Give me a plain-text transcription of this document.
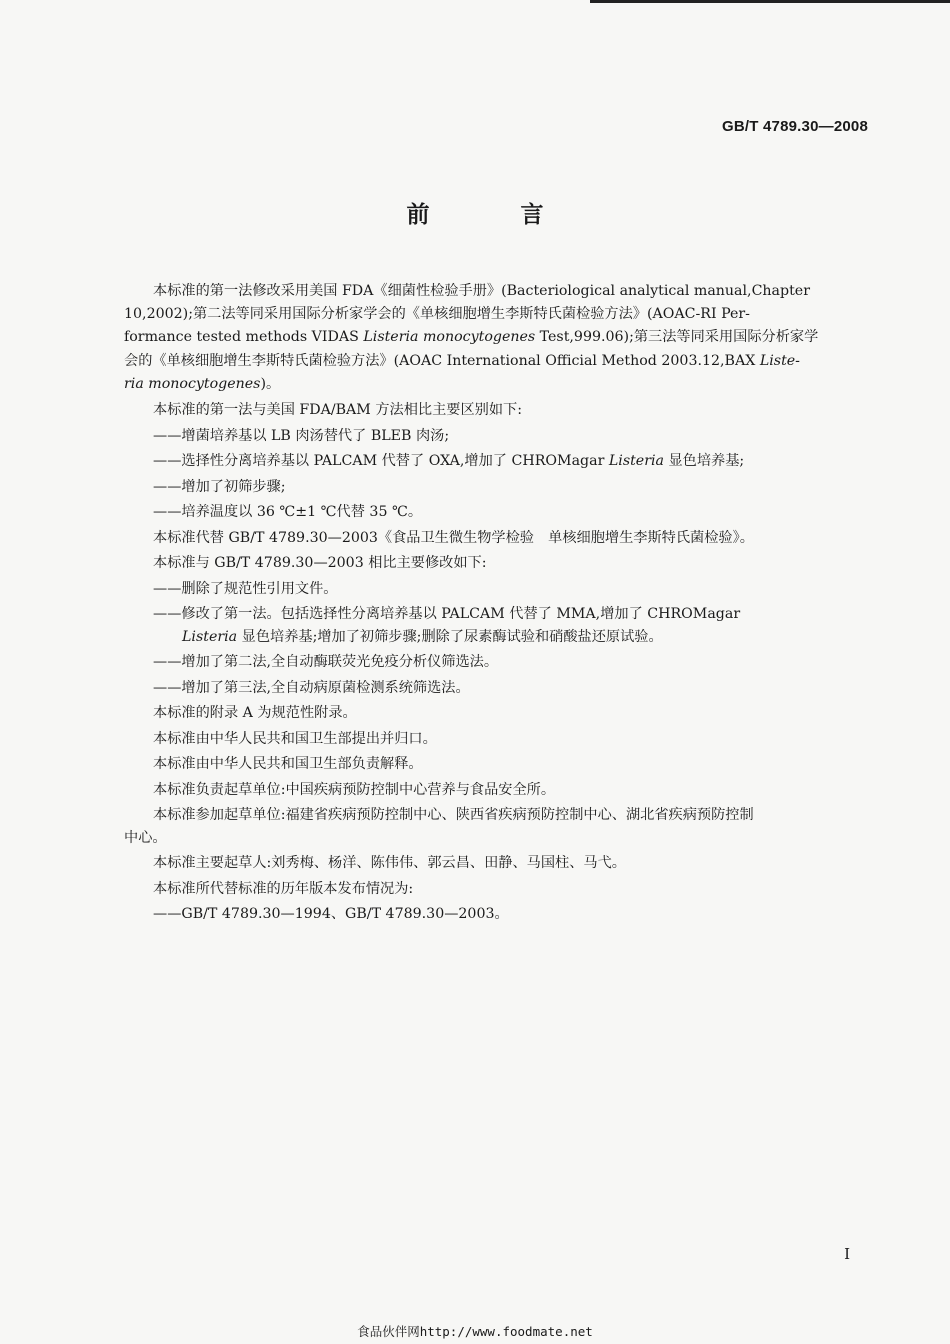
GB/T 4789.30—2008
前　言
本标准的第一法修改采用美国 FDA《细菌性检验手册》(Bacteriological analytical manual,Chapter
10,2002);第二法等同采用国际分析家学会的《单核细胞增生李斯特氏菌检验方法》(AOAC-RI Per-
formance tested methods VIDAS Listeria monocytogenes Test,999.06);第三法等同采用国际分析家学
会的《单核细胞增生李斯特氏菌检验方法》(AOAC International Official Method 2003.12,BAX Liste-
ria monocytogenes)。
本标准的第一法与美国 FDA/BAM 方法相比主要区别如下:
——增菌培养基以 LB 肉汤替代了 BLEB 肉汤;
——选择性分离培养基以 PALCAM 代替了 OXA,增加了 CHROMagar Listeria 显色培养基;
——增加了初筛步骤;
——培养温度以 36 ℃±1 ℃代替 35 ℃。
本标准代替 GB/T 4789.30—2003《食品卫生微生物学检验　单核细胞增生李斯特氏菌检验》。
本标准与 GB/T 4789.30—2003 相比主要修改如下:
——删除了规范性引用文件。
——修改了第一法。包括选择性分离培养基以 PALCAM 代替了 MMA,增加了 CHROMagar
Listeria 显色培养基;增加了初筛步骤;删除了尿素酶试验和硝酸盐还原试验。
——增加了第二法,全自动酶联荧光免疫分析仪筛选法。
——增加了第三法,全自动病原菌检测系统筛选法。
本标准的附录 A 为规范性附录。
本标准由中华人民共和国卫生部提出并归口。
本标准由中华人民共和国卫生部负责解释。
本标准负责起草单位:中国疾病预防控制中心营养与食品安全所。
本标准参加起草单位:福建省疾病预防控制中心、陕西省疾病预防控制中心、湖北省疾病预防控制
中心。
本标准主要起草人:刘秀梅、杨洋、陈伟伟、郭云昌、田静、马国柱、马弋。
本标准所代替标准的历年版本发布情况为:
——GB/T 4789.30—1994、GB/T 4789.30—2003。
I
食品伙伴网http://www.foodmate.net
